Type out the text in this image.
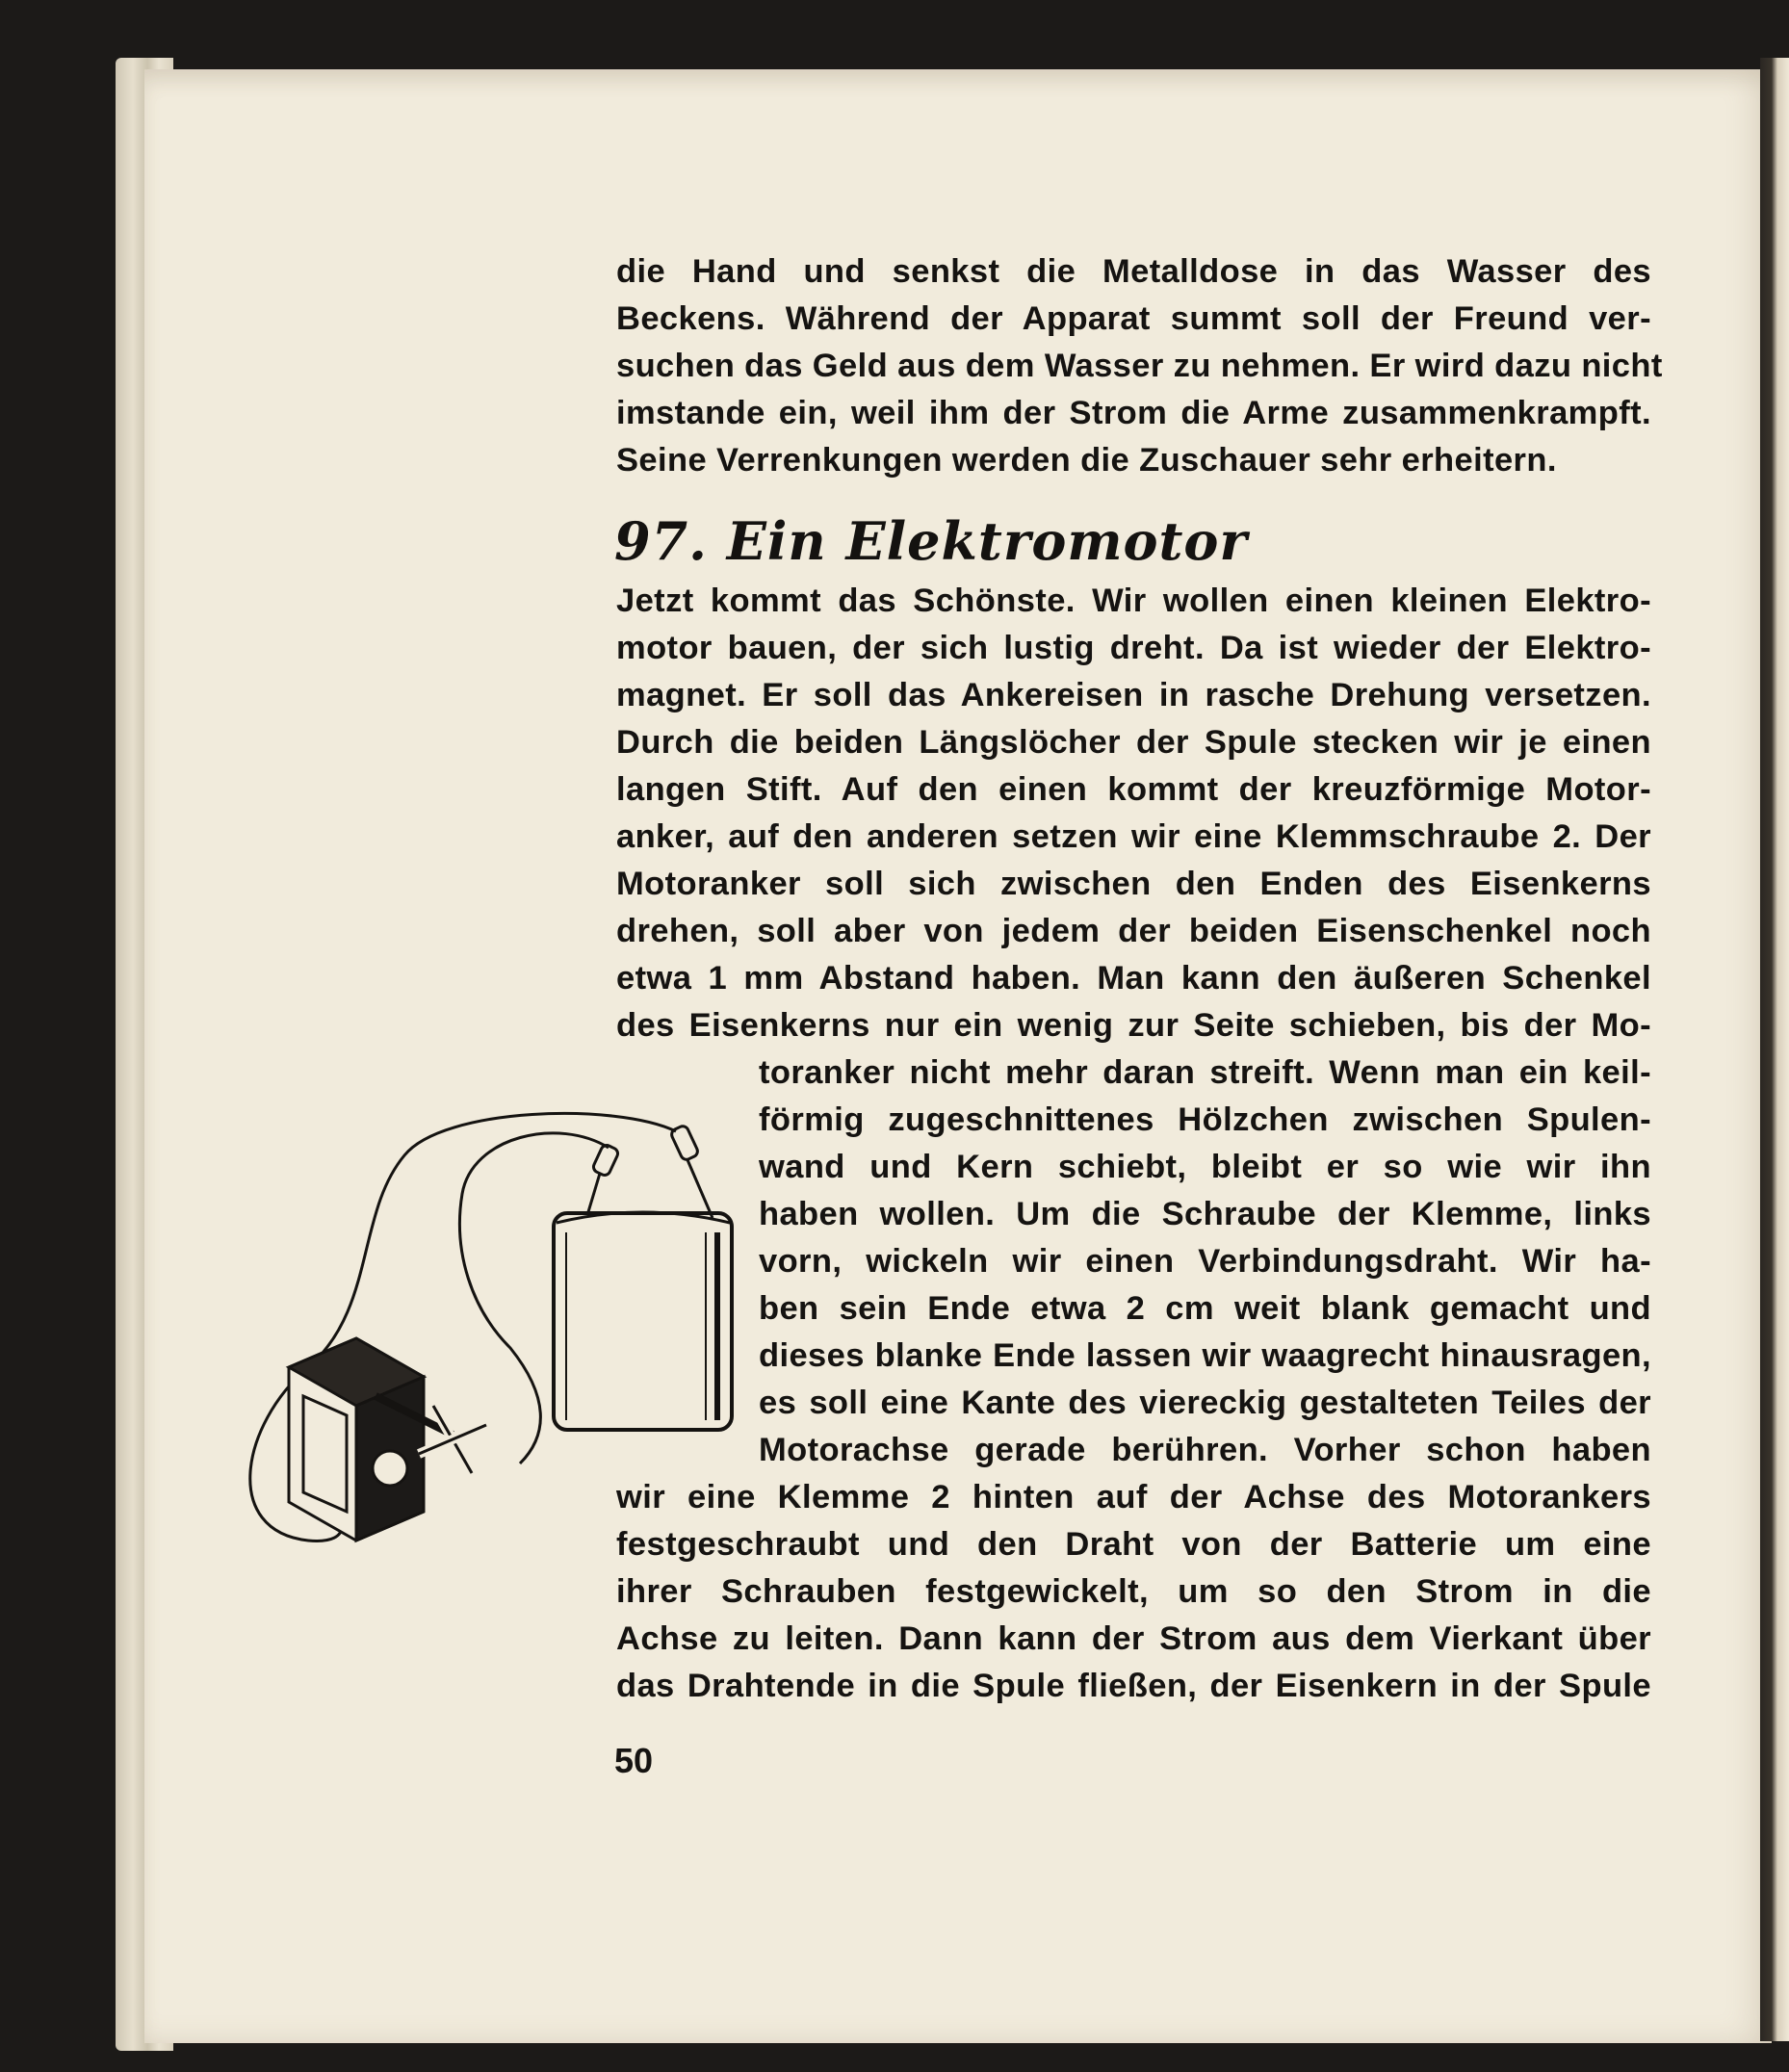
die Hand und senkst die Metalldose in das Wasser des
Beckens. Während der Apparat summt soll der Freund ver-
suchen das Geld aus dem Wasser zu nehmen. Er wird dazu nicht
imstande ein, weil ihm der Strom die Arme zusammenkrampft.
Seine Verrenkungen werden die Zuschauer sehr erheitern.
97. Ein Elektromotor
Jetzt kommt das Schönste. Wir wollen einen kleinen Elektro-
motor bauen, der sich lustig dreht. Da ist wieder der Elektro-
magnet. Er soll das Ankereisen in rasche Drehung versetzen.
Durch die beiden Längslöcher der Spule stecken wir je einen
langen Stift. Auf den einen kommt der kreuzförmige Motor-
anker, auf den anderen setzen wir eine Klemmschraube 2. Der
Motoranker soll sich zwischen den Enden des Eisenkerns
drehen, soll aber von jedem der beiden Eisenschenkel noch
etwa 1 mm Abstand haben. Man kann den äußeren Schenkel
des Eisenkerns nur ein wenig zur Seite schieben, bis der Mo-
toranker nicht mehr daran streift. Wenn man ein keil-
förmig zugeschnittenes Hölzchen zwischen Spulen-
wand und Kern schiebt, bleibt er so wie wir ihn
haben wollen. Um die Schraube der Klemme, links
vorn, wickeln wir einen Verbindungsdraht. Wir ha-
ben sein Ende etwa 2 cm weit blank gemacht und
dieses blanke Ende lassen wir waagrecht hinausragen,
es soll eine Kante des viereckig gestalteten Teiles der
Motorachse gerade berühren. Vorher schon haben
wir eine Klemme 2 hinten auf der Achse des Motorankers
festgeschraubt und den Draht von der Batterie um eine
ihrer Schrauben festgewickelt, um so den Strom in die
Achse zu leiten. Dann kann der Strom aus dem Vierkant über
das Drahtende in die Spule fließen, der Eisenkern in der Spule
50
